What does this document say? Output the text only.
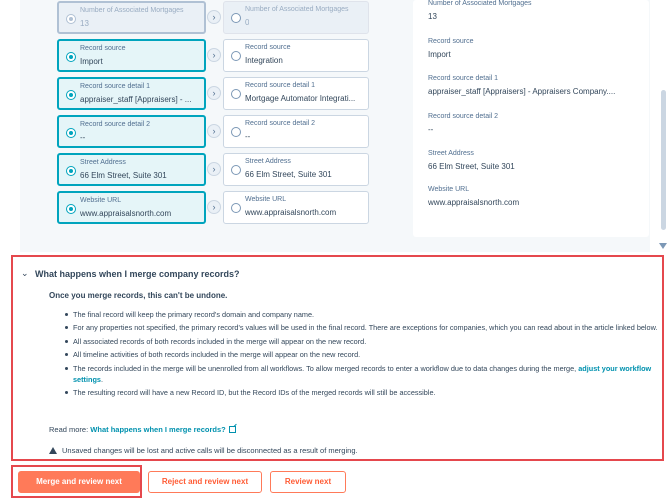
Number of Associated Mortgages
13
›
Number of Associated Mortgages
0
Record source
Import
›
Record source
Integration
Record source detail 1
appraiser_staff [Appraisers] - ...
›
Record source detail 1
Mortgage Automator Integrati...
Record source detail 2
--
›
Record source detail 2
--
Street Address
66 Elm Street, Suite 301
›
Street Address
66 Elm Street, Suite 301
Website URL
www.appraisalsnorth.com
›
Website URL
www.appraisalsnorth.com
Number of Associated Mortgages
13
Record source
Import
Record source detail 1
appraiser_staff [Appraisers] - Appraisers Company....
Record source detail 2
--
Street Address
66 Elm Street, Suite 301
Website URL
www.appraisalsnorth.com
⌄ What happens when I merge company records?
Once you merge records, this can't be undone.
The final record will keep the primary record's domain and company name.
For any properties not specified, the primary record's values will be used in the final record. There are exceptions for companies, which you can read about in the article linked below.
All associated records of both records included in the merge will appear on the new record.
All timeline activities of both records included in the merge will appear on the new record.
The records included in the merge will be unenrolled from all workflows. To allow merged records to enter a workflow due to data changes during the merge, adjust your workflow settings.
The resulting record will have a new Record ID, but the Record IDs of the merged records will still be accessible.
Read more: What happens when I merge records?
Unsaved changes will be lost and active calls will be disconnected as a result of merging.
Merge and review next	Reject and review next	Review next
